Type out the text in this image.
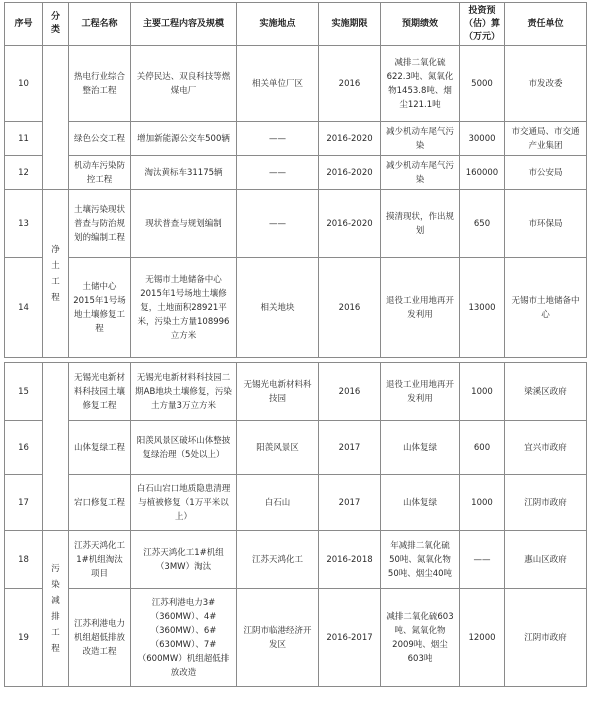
序号	分类	工程名称	主要工程内容及规模	实施地点	实施期限	预期绩效	投资预（估）算（万元）	责任单位
10		热电行业综合整治工程	关停民达、双良科技等燃煤电厂	相关单位厂区	2016	减排二氧化硫622.3吨、氮氧化物1453.8吨、烟尘121.1吨	5000	市发改委
11		绿色公交工程	增加新能源公交车500辆	——	2016-2020	减少机动车尾气污染	30000	市交通局、市交通产业集团
12		机动车污染防控工程	淘汰黄标车31175辆	——	2016-2020	减少机动车尾气污染	160000	市公安局
13	净土工程	土壤污染现状普查与防治规划的编制工程	现状普查与规划编制	——	2016-2020	摸清现状，作出规划	650	市环保局
14		土储中心2015年1号场地土壤修复工程	无锡市土地储备中心2015年1号场地土壤修复，土地面积28921平米，污染土方量108996立方米	相关地块	2016	退役工业用地再开发利用	13000	无锡市土地储备中心

15		无锡光电新材料科技园土壤修复工程	无锡光电新材料科技园二期AB地块土壤修复，污染土方量3万立方米	无锡光电新材料科技园	2016	退役工业用地再开发利用	1000	梁溪区政府
16		山体复绿工程	阳羡风景区破坏山体整披复绿治理（5处以上）	阳羡风景区	2017	山体复绿	600	宜兴市政府
17		宕口修复工程	白石山宕口地质隐患清理与植被修复（1万平米以上）	白石山	2017	山体复绿	1000	江阴市政府
18	污染减排工程	江苏天鸿化工1#机组淘汰项目	江苏天鸿化工1#机组（3MW）淘汰	江苏天鸿化工	2016-2018	年减排二氧化硫50吨、氮氧化物50吨、烟尘40吨	——	惠山区政府
19		江苏利港电力机组超低排放改造工程	江苏利港电力3#（360MW）、4#（360MW）、6#（630MW）、7#（600MW）机组超低排放改造	江阴市临港经济开发区	2016-2017	减排二氧化硫603吨、氮氧化物2009吨、烟尘603吨	12000	江阴市政府
